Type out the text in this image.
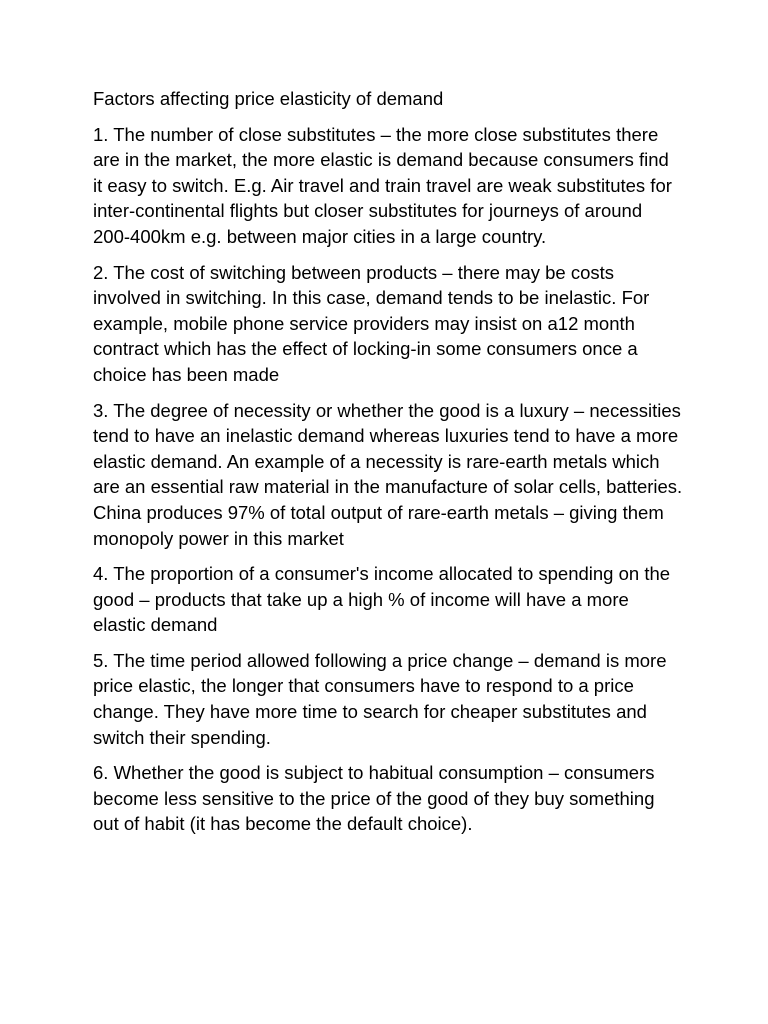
Factors affecting price elasticity of demand

1. The number of close substitutes – the more close substitutes there are in the market, the more elastic is demand because consumers find it easy to switch. E.g. Air travel and train travel are weak substitutes for inter-continental flights but closer substitutes for journeys of around 200-400km e.g. between major cities in a large country.

2. The cost of switching between products – there may be costs involved in switching. In this case, demand tends to be inelastic. For example, mobile phone service providers may insist on a12 month contract which has the effect of locking-in some consumers once a choice has been made

3. The degree of necessity or whether the good is a luxury – necessities tend to have an inelastic demand whereas luxuries tend to have a more elastic demand. An example of a necessity is rare-earth metals which are an essential raw material in the manufacture of solar cells, batteries. China produces 97% of total output of rare-earth metals – giving them monopoly power in this market

4. The proportion of a consumer's income allocated to spending on the good – products that take up a high % of income will have a more elastic demand

5. The time period allowed following a price change – demand is more price elastic, the longer that consumers have to respond to a price change. They have more time to search for cheaper substitutes and switch their spending.

6. Whether the good is subject to habitual consumption – consumers become less sensitive to the price of the good of they buy something out of habit (it has become the default choice).
